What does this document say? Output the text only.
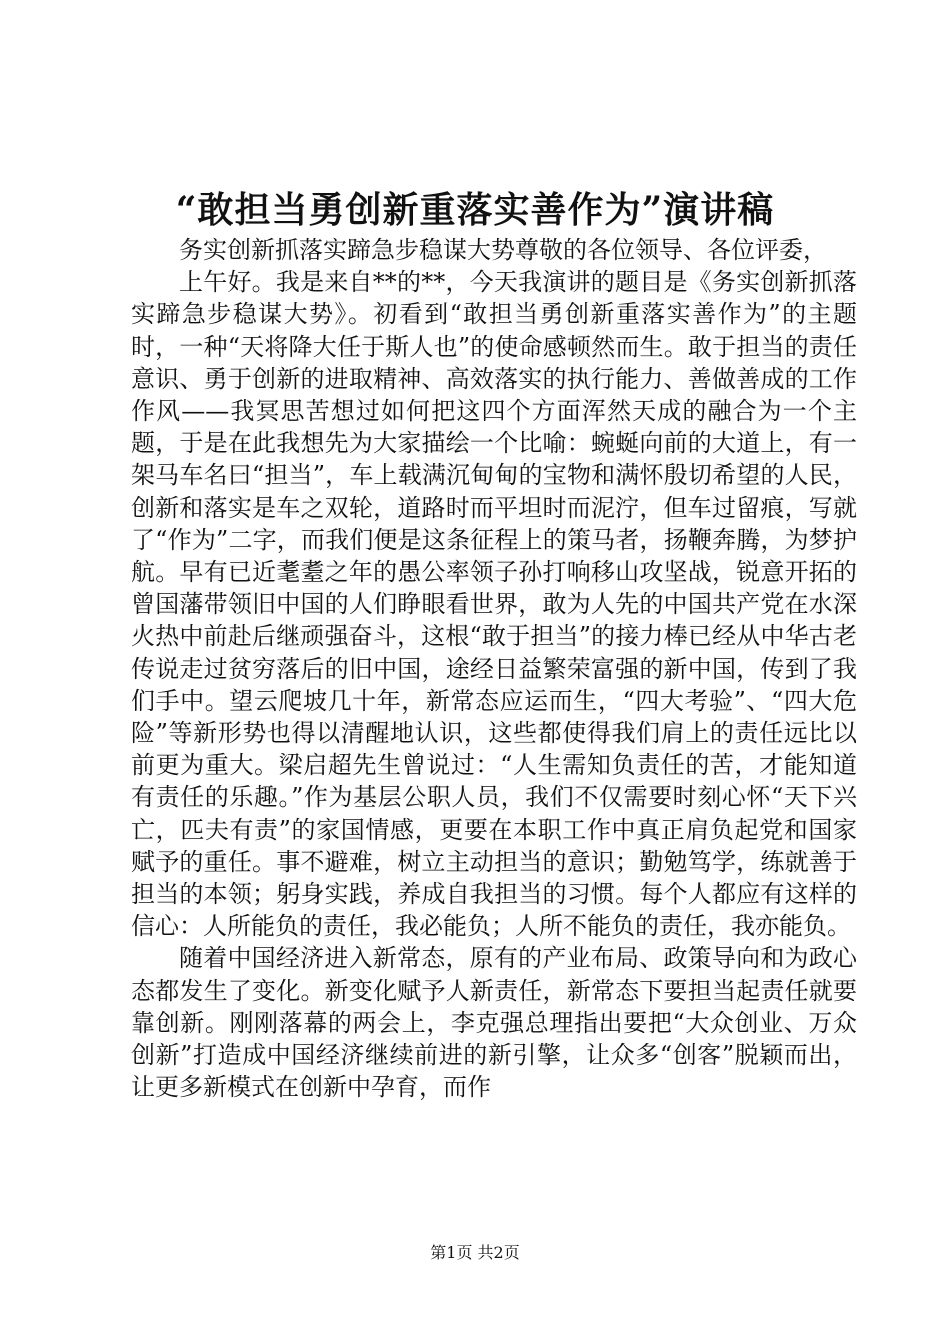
“敢担当勇创新重落实善作为”演讲稿

务实创新抓落实蹄急步稳谋大势尊敬的各位领导、各位评委，

上午好。我是来自**的**，今天我演讲的题目是《务实创新抓落实蹄急步稳谋大势》。初看到“敢担当勇创新重落实善作为”的主题时，一种“天将降大任于斯人也”的使命感顿然而生。敢于担当的责任意识、勇于创新的进取精神、高效落实的执行能力、善做善成的工作作风——我冥思苦想过如何把这四个方面浑然天成的融合为一个主题，于是在此我想先为大家描绘一个比喻：蜿蜒向前的大道上，有一架马车名曰“担当”，车上载满沉甸甸的宝物和满怀殷切希望的人民，创新和落实是车之双轮，道路时而平坦时而泥泞，但车过留痕，写就了“作为”二字，而我们便是这条征程上的策马者，扬鞭奔腾，为梦护航。早有已近耄耋之年的愚公率领子孙打响移山攻坚战，锐意开拓的曾国藩带领旧中国的人们睁眼看世界，敢为人先的中国共产党在水深火热中前赴后继顽强奋斗，这根“敢于担当”的接力棒已经从中华古老传说走过贫穷落后的旧中国，途经日益繁荣富强的新中国，传到了我们手中。望云爬坡几十年，新常态应运而生，“四大考验”、“四大危险”等新形势也得以清醒地认识，这些都使得我们肩上的责任远比以前更为重大。梁启超先生曾说过：“人生需知负责任的苦，才能知道有责任的乐趣。”作为基层公职人员，我们不仅需要时刻心怀“天下兴亡，匹夫有责”的家国情感，更要在本职工作中真正肩负起党和国家赋予的重任。事不避难，树立主动担当的意识；勤勉笃学，练就善于担当的本领；躬身实践，养成自我担当的习惯。每个人都应有这样的信心：人所能负的责任，我必能负；人所不能负的责任，我亦能负。

随着中国经济进入新常态，原有的产业布局、政策导向和为政心态都发生了变化。新变化赋予人新责任，新常态下要担当起责任就要靠创新。刚刚落幕的两会上，李克强总理指出要把“大众创业、万众创新”打造成中国经济继续前进的新引擎，让众多“创客”脱颖而出，让更多新模式在创新中孕育，而作

第1页 共2页
